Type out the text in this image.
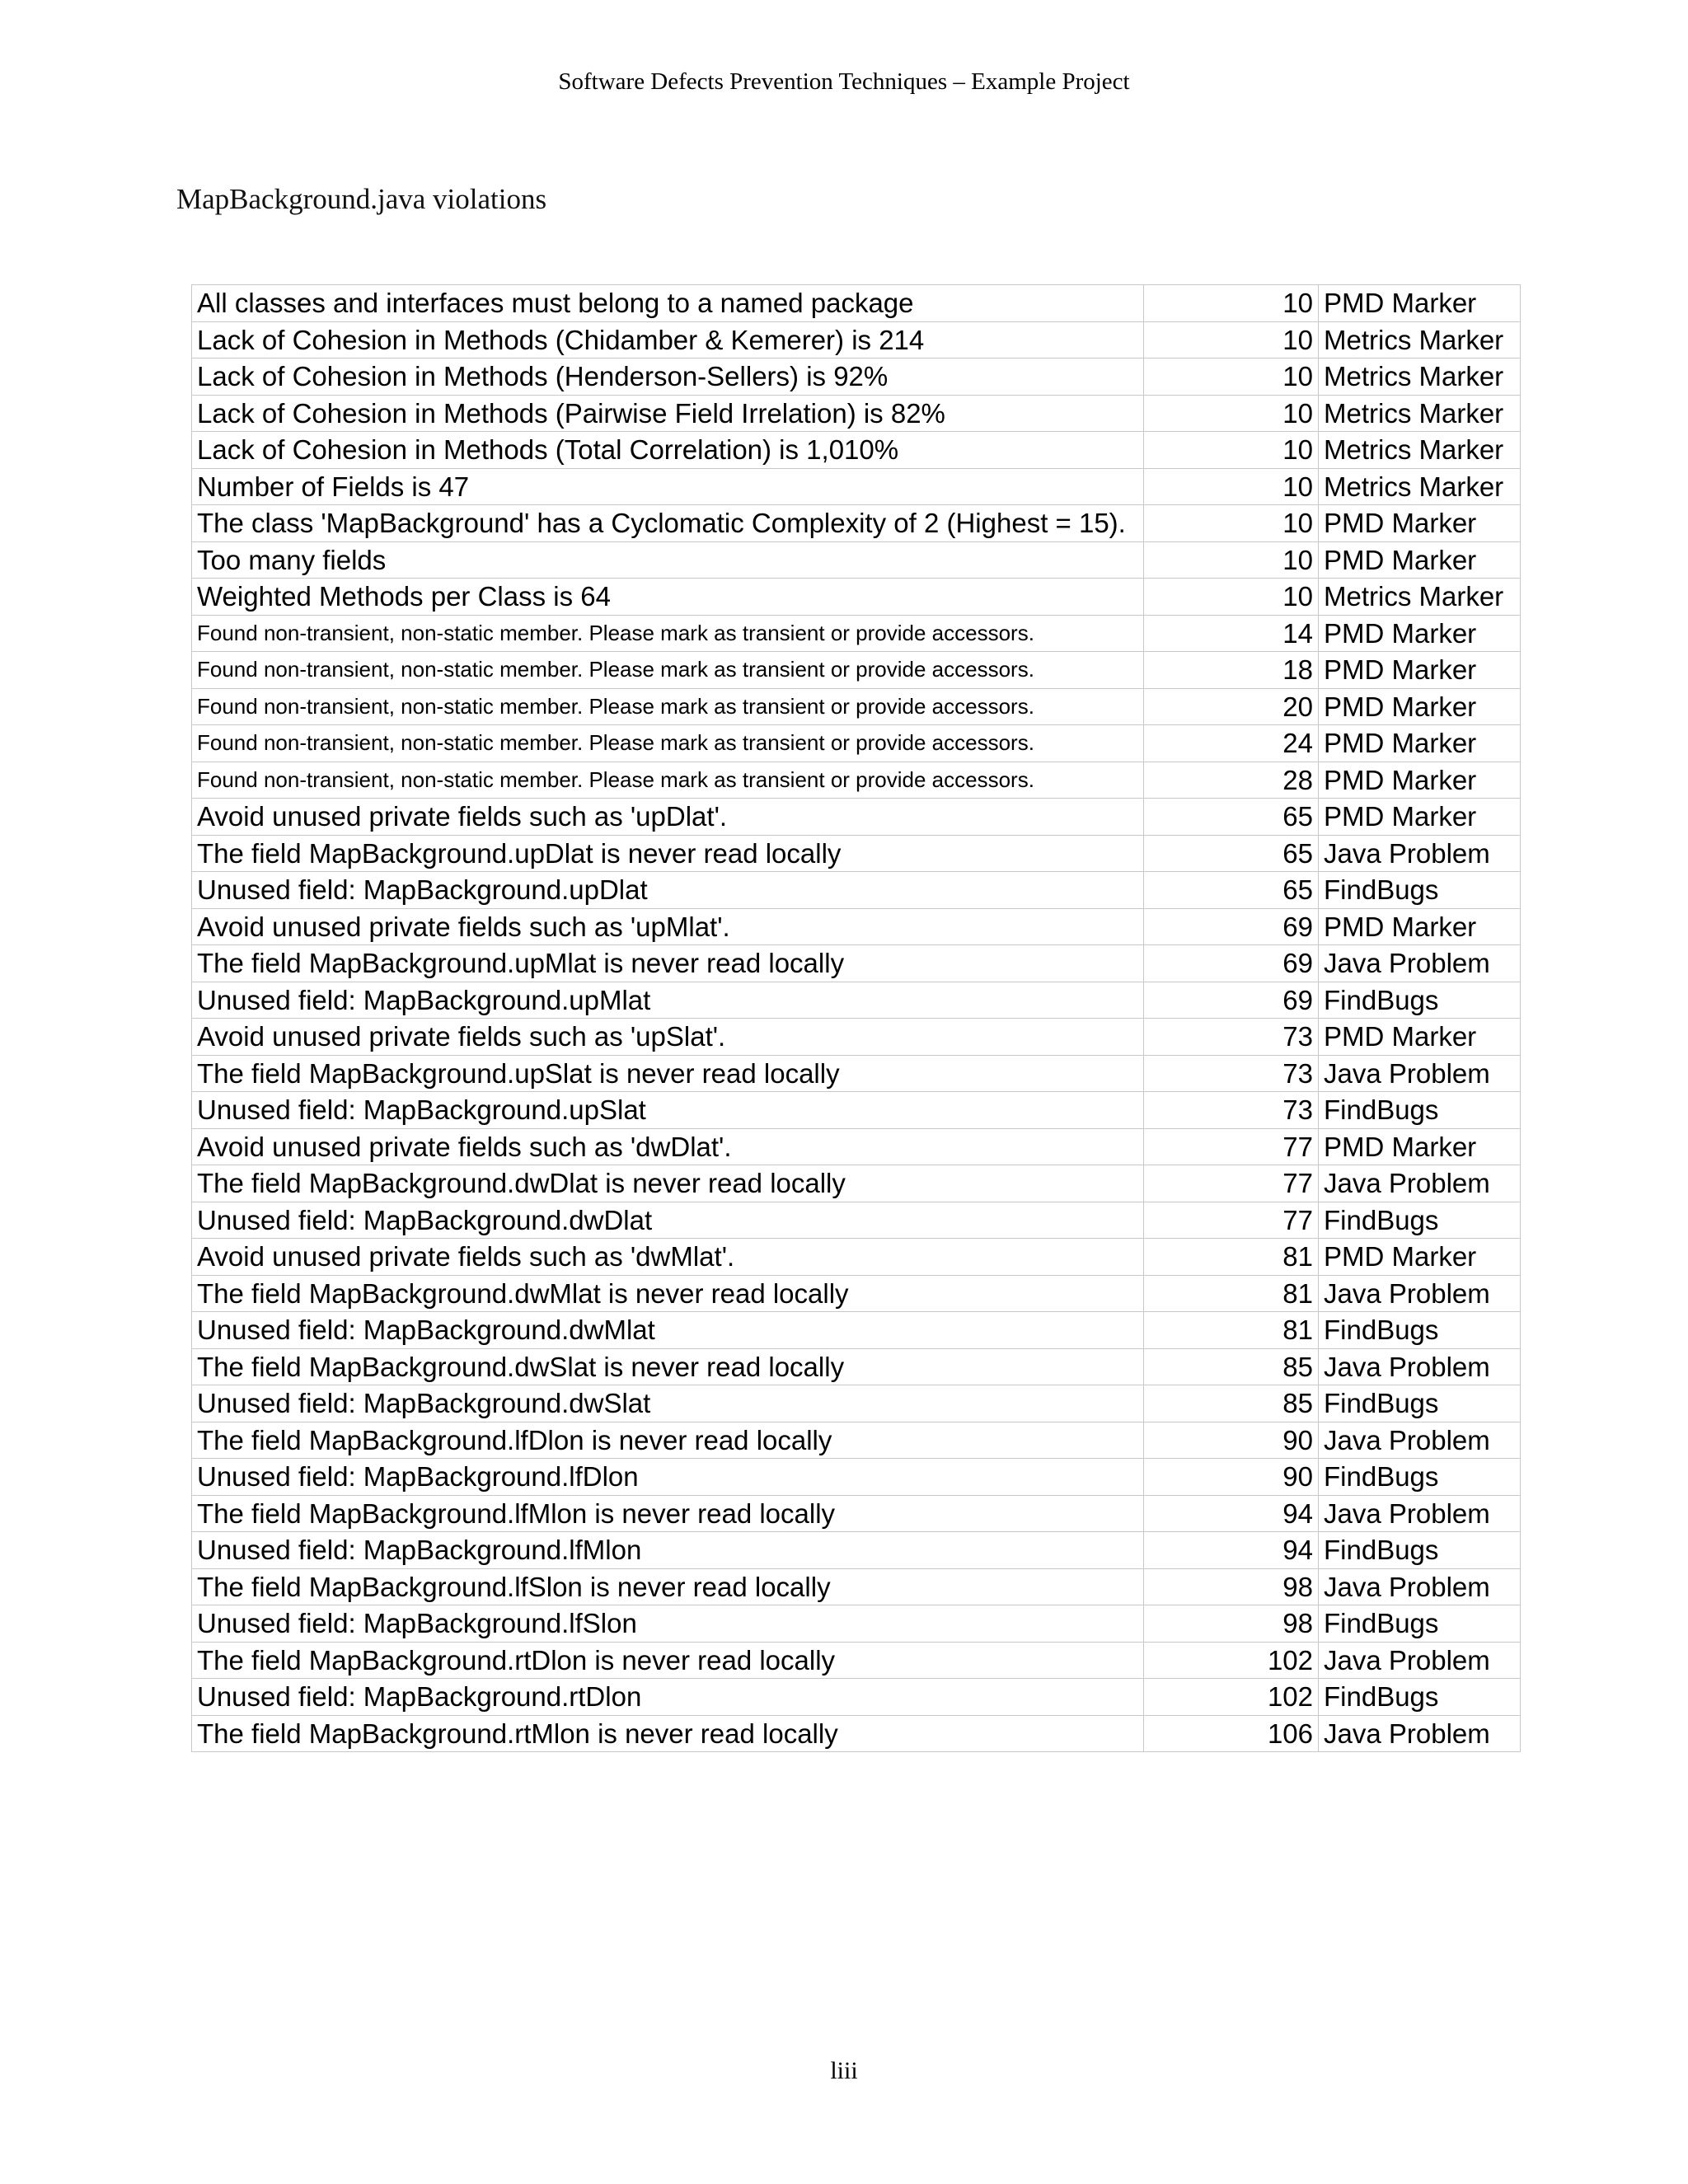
Software Defects Prevention Techniques – Example Project
MapBackground.java violations
All classes and interfaces must belong to a named package	10	PMD Marker
Lack of Cohesion in Methods (Chidamber & Kemerer) is 214	10	Metrics Marker
Lack of Cohesion in Methods (Henderson-Sellers) is 92%	10	Metrics Marker
Lack of Cohesion in Methods (Pairwise Field Irrelation) is 82%	10	Metrics Marker
Lack of Cohesion in Methods (Total Correlation) is 1,010%	10	Metrics Marker
Number of Fields is 47	10	Metrics Marker
The class 'MapBackground' has a Cyclomatic Complexity of 2 (Highest = 15).	10	PMD Marker
Too many fields	10	PMD Marker
Weighted Methods per Class is 64	10	Metrics Marker
Found non-transient, non-static member. Please mark as transient or provide accessors.	14	PMD Marker
Found non-transient, non-static member. Please mark as transient or provide accessors.	18	PMD Marker
Found non-transient, non-static member. Please mark as transient or provide accessors.	20	PMD Marker
Found non-transient, non-static member. Please mark as transient or provide accessors.	24	PMD Marker
Found non-transient, non-static member. Please mark as transient or provide accessors.	28	PMD Marker
Avoid unused private fields such as 'upDlat'.	65	PMD Marker
The field MapBackground.upDlat is never read locally	65	Java Problem
Unused field: MapBackground.upDlat	65	FindBugs
Avoid unused private fields such as 'upMlat'.	69	PMD Marker
The field MapBackground.upMlat is never read locally	69	Java Problem
Unused field: MapBackground.upMlat	69	FindBugs
Avoid unused private fields such as 'upSlat'.	73	PMD Marker
The field MapBackground.upSlat is never read locally	73	Java Problem
Unused field: MapBackground.upSlat	73	FindBugs
Avoid unused private fields such as 'dwDlat'.	77	PMD Marker
The field MapBackground.dwDlat is never read locally	77	Java Problem
Unused field: MapBackground.dwDlat	77	FindBugs
Avoid unused private fields such as 'dwMlat'.	81	PMD Marker
The field MapBackground.dwMlat is never read locally	81	Java Problem
Unused field: MapBackground.dwMlat	81	FindBugs
The field MapBackground.dwSlat is never read locally	85	Java Problem
Unused field: MapBackground.dwSlat	85	FindBugs
The field MapBackground.lfDlon is never read locally	90	Java Problem
Unused field: MapBackground.lfDlon	90	FindBugs
The field MapBackground.lfMlon is never read locally	94	Java Problem
Unused field: MapBackground.lfMlon	94	FindBugs
The field MapBackground.lfSlon is never read locally	98	Java Problem
Unused field: MapBackground.lfSlon	98	FindBugs
The field MapBackground.rtDlon is never read locally	102	Java Problem
Unused field: MapBackground.rtDlon	102	FindBugs
The field MapBackground.rtMlon is never read locally	106	Java Problem
liii
